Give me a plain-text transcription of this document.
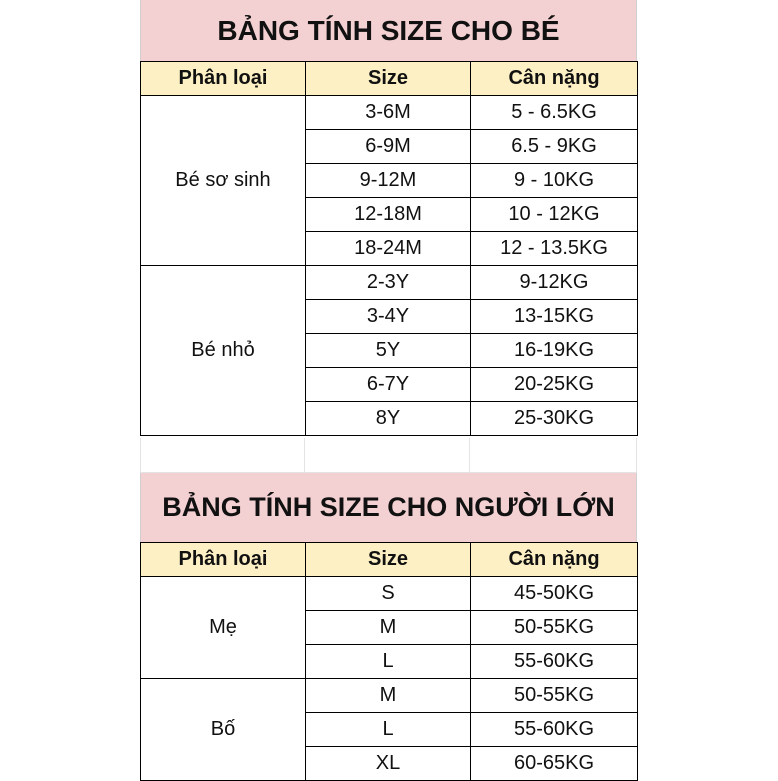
BẢNG TÍNH SIZE CHO BÉ
Phân loại	Size	Cân nặng
Bé sơ sinh	3-6M	5 - 6.5KG
	6-9M	6.5 - 9KG
	9-12M	9 - 10KG
	12-18M	10 - 12KG
	18-24M	12 - 13.5KG
Bé nhỏ	2-3Y	9-12KG
	3-4Y	13-15KG
	5Y	16-19KG
	6-7Y	20-25KG
	8Y	25-30KG
BẢNG TÍNH SIZE CHO NGƯỜI LỚN
Phân loại	Size	Cân nặng
Mẹ	S	45-50KG
	M	50-55KG
	L	55-60KG
Bố	M	50-55KG
	L	55-60KG
	XL	60-65KG
